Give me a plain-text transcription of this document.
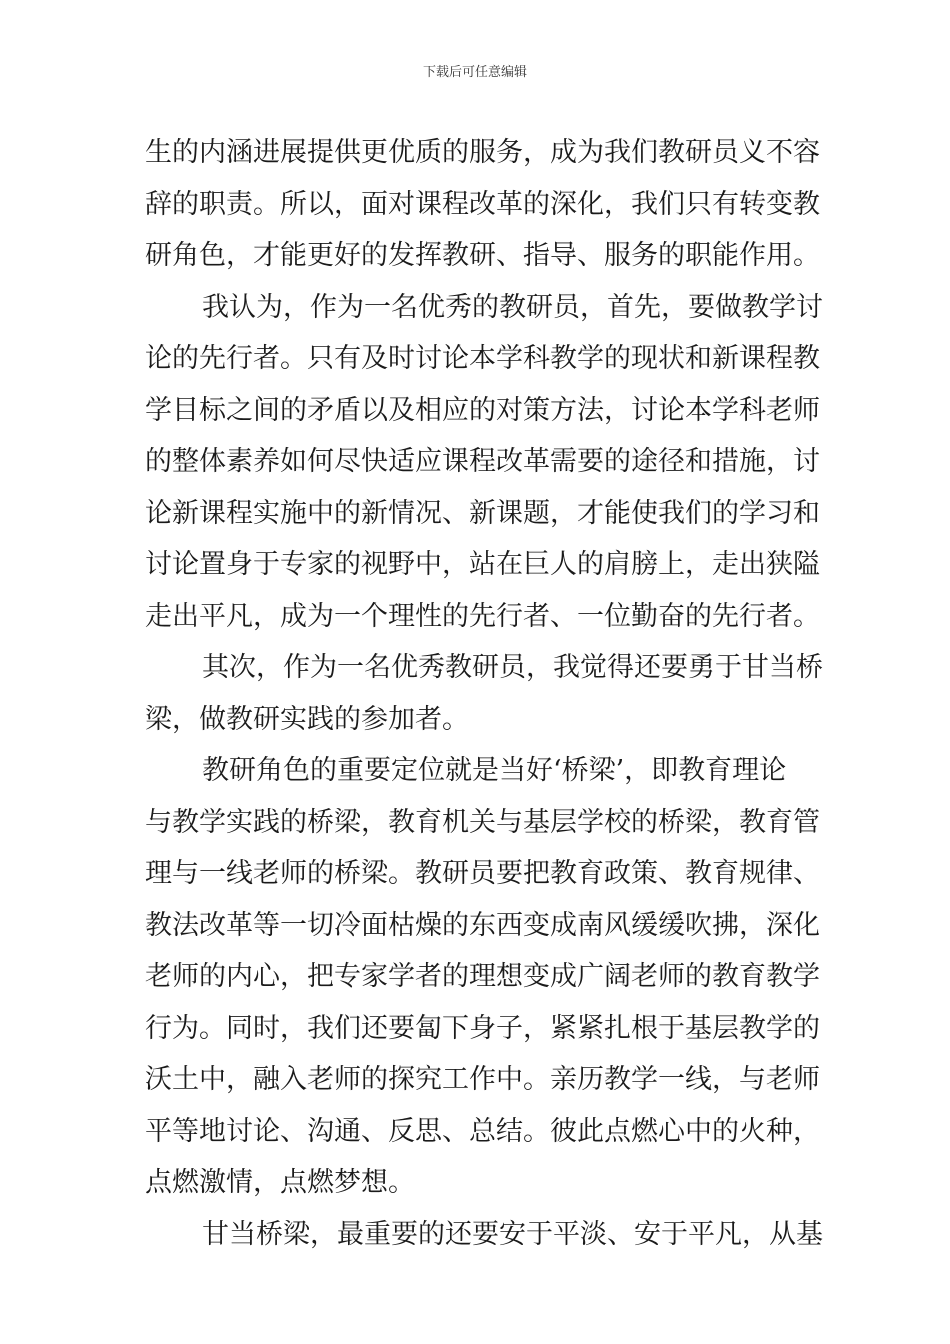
下载后可任意编辑
生的内涵进展提供更优质的服务，成为我们教研员义不容
辞的职责。所以，面对课程改革的深化，我们只有转变教
研角色，才能更好的发挥教研、指导、服务的职能作用。
我认为，作为一名优秀的教研员，首先，要做教学讨
论的先行者。只有及时讨论本学科教学的现状和新课程教
学目标之间的矛盾以及相应的对策方法，讨论本学科老师
的整体素养如何尽快适应课程改革需要的途径和措施，讨
论新课程实施中的新情况、新课题，才能使我们的学习和
讨论置身于专家的视野中，站在巨人的肩膀上，走出狭隘
走出平凡，成为一个理性的先行者、一位勤奋的先行者。
其次，作为一名优秀教研员，我觉得还要勇于甘当桥
梁，做教研实践的参加者。
教研角色的重要定位就是当好‘桥梁’，即教育理论
与教学实践的桥梁，教育机关与基层学校的桥梁，教育管
理与一线老师的桥梁。教研员要把教育政策、教育规律、
教法改革等一切冷面枯燥的东西变成南风缓缓吹拂，深化
老师的内心，把专家学者的理想变成广阔老师的教育教学
行为。同时，我们还要匐下身子，紧紧扎根于基层教学的
沃土中，融入老师的探究工作中。亲历教学一线，与老师
平等地讨论、沟通、反思、总结。彼此点燃心中的火种，
点燃激情，点燃梦想。
甘当桥梁，最重要的还要安于平淡、安于平凡，从基
